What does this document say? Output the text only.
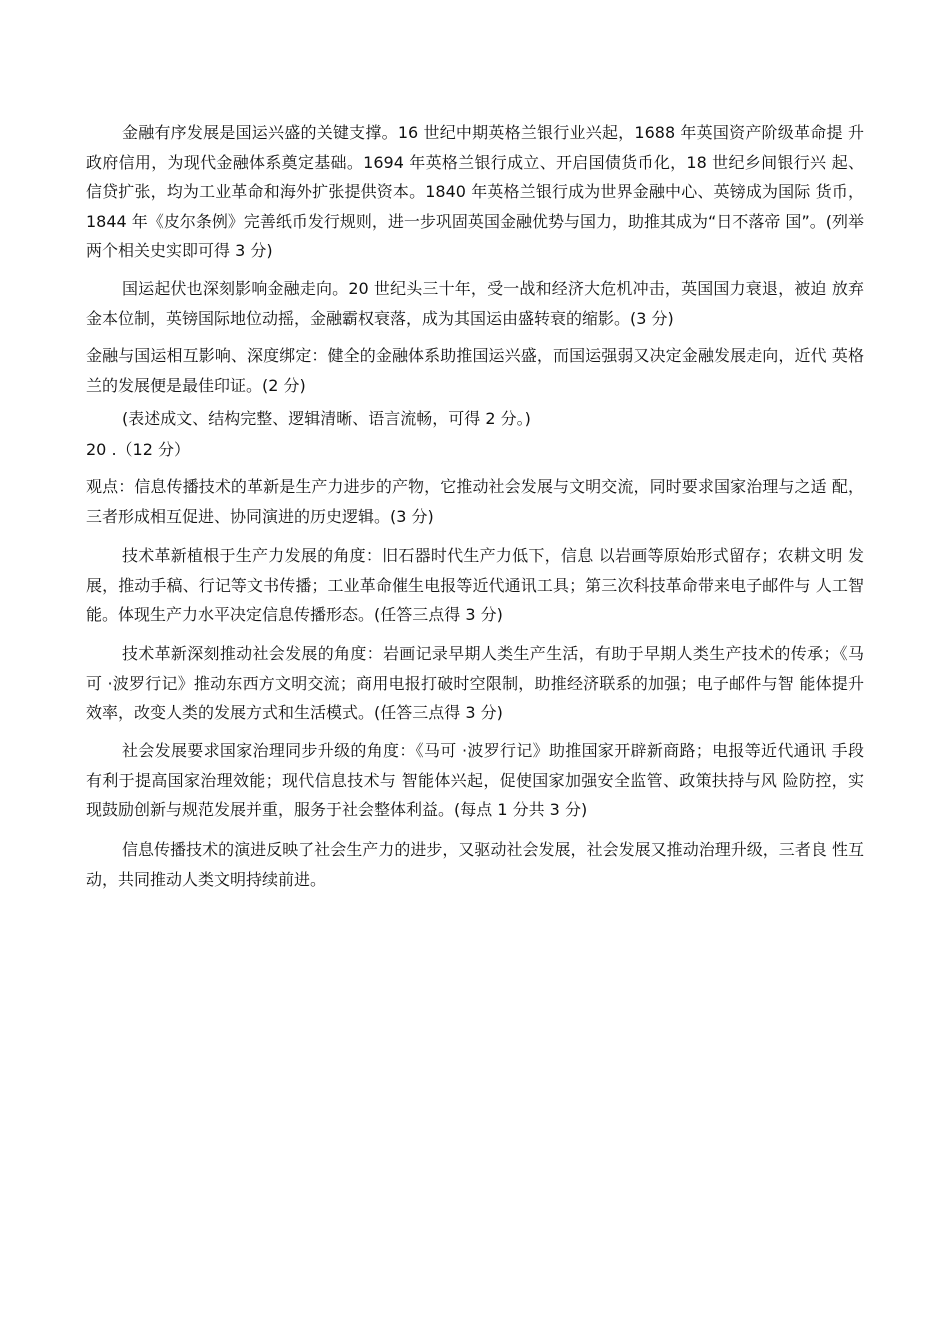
金融有序发展是国运兴盛的关键支撑。16 世纪中期英格兰银行业兴起，1688 年英国资产阶级革命提 升政府信用，为现代金融体系奠定基础。1694 年英格兰银行成立、开启国债货币化，18 世纪乡间银行兴 起、信贷扩张，均为工业革命和海外扩张提供资本。1840 年英格兰银行成为世界金融中心、英镑成为国际 货币，1844 年《皮尔条例》完善纸币发行规则，进一步巩固英国金融优势与国力，助推其成为“日不落帝 国”。(列举两个相关史实即可得 3 分)

国运起伏也深刻影响金融走向。20 世纪头三十年，受一战和经济大危机冲击，英国国力衰退，被迫 放弃金本位制，英镑国际地位动摇，金融霸权衰落，成为其国运由盛转衰的缩影。(3 分)

金融与国运相互影响、深度绑定：健全的金融体系助推国运兴盛，而国运强弱又决定金融发展走向，近代 英格兰的发展便是最佳印证。(2 分)

(表述成文、结构完整、逻辑清晰、语言流畅，可得 2 分。)

20 .（12 分）

观点：信息传播技术的革新是生产力进步的产物，它推动社会发展与文明交流，同时要求国家治理与之适 配，三者形成相互促进、协同演进的历史逻辑。(3 分)

技术革新植根于生产力发展的角度：旧石器时代生产力低下，信息 以岩画等原始形式留存；农耕文明 发展，推动手稿、行记等文书传播；工业革命催生电报等近代通讯工具；第三次科技革命带来电子邮件与 人工智能。体现生产力水平决定信息传播形态。(任答三点得 3 分)

技术革新深刻推动社会发展的角度：岩画记录早期人类生产生活，有助于早期人类生产技术的传承；《马可 ·波罗行记》推动东西方文明交流；商用电报打破时空限制，助推经济联系的加强；电子邮件与智 能体提升效率，改变人类的发展方式和生活模式。(任答三点得 3 分)

社会发展要求国家治理同步升级的角度：《马可 ·波罗行记》助推国家开辟新商路；电报等近代通讯 手段有利于提高国家治理效能；现代信息技术与 智能体兴起，促使国家加强安全监管、政策扶持与风 险防控，实现鼓励创新与规范发展并重，服务于社会整体利益。(每点 1 分共 3 分)

信息传播技术的演进反映了社会生产力的进步，又驱动社会发展，社会发展又推动治理升级，三者良 性互动，共同推动人类文明持续前进。
